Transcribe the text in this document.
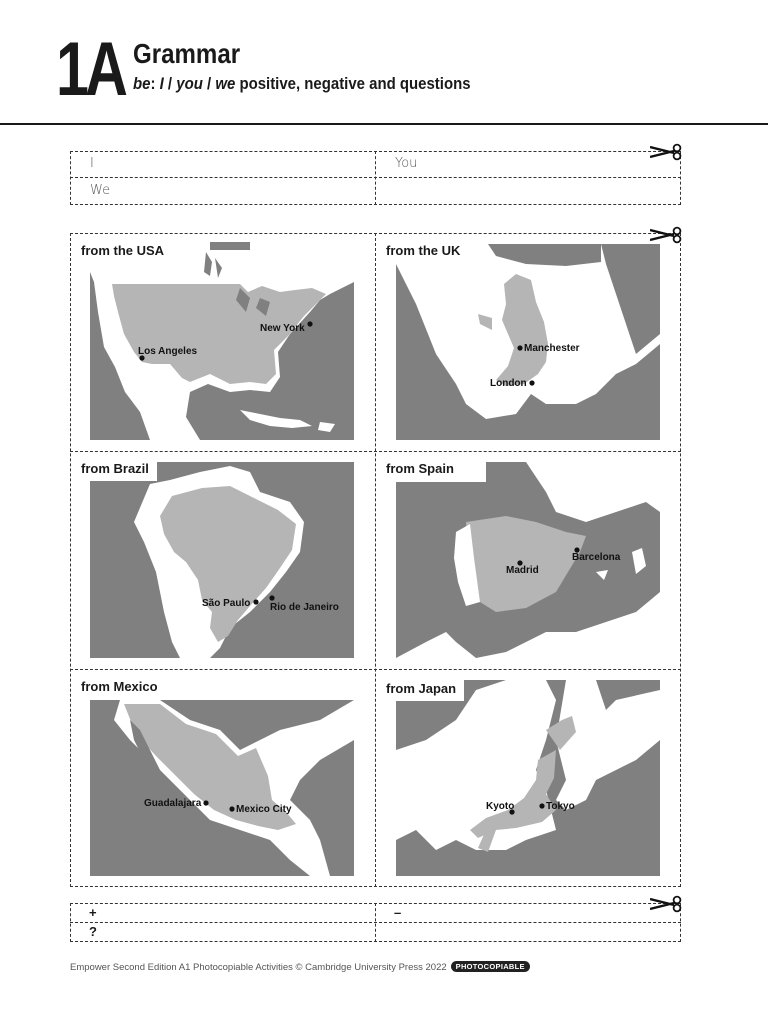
1A Grammar
be: I / you / we positive, negative and questions
I	You
We
New York
Los Angeles
from the USA
Manchester
London
from the UK
São Paulo Rio de Janeiro
from Brazil
Barcelona
Madrid
from Spain
Guadalajara
Mexico City
from Mexico
Kyoto	Tokyo
from Japan
+	–
?
Empower Second Edition A1 Photocopiable Activities © Cambridge University Press 2022 PHOTOCOPIABLE
